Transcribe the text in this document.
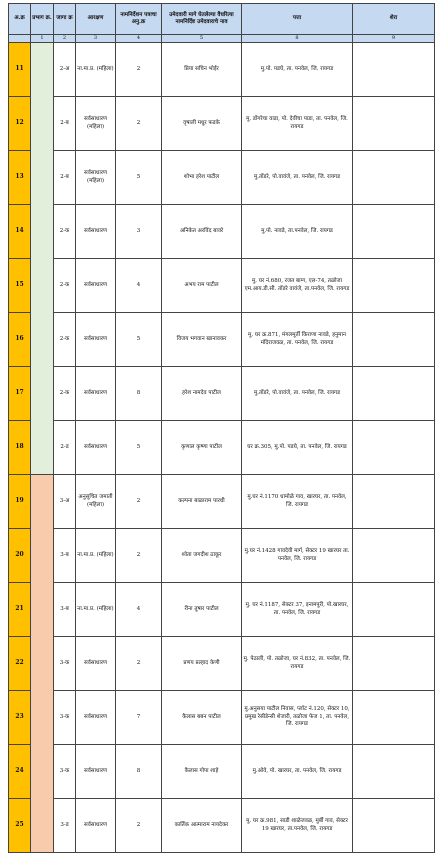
अ.क्र	प्रभाग क्र.	जागा क्र	आरक्षण	नामनिर्देशन पत्राचा अनु.क्र	उमेदवारी मागे घेतलेल्या वैधरित्या नामनिर्दिष्ट उमेदवाराचे नाव	पत्ता	शेरा
	1	2	3	4	5	8	9
11		2-अ	ना.मा.प्र. (महिला)	2	प्रिया सचिन भोईर	मु.पो. पडघे, ता. पनवेल, जि. रायगड	
12		2-ब	सर्वसाधारण (महिला)	2	वृषाली मधुर फडके	मु. डोंगरेचा वाडा, पो. देवीचा पाडा, ता. पनवेल, जि. रायगड	
13		2-ब	सर्वसाधारण (महिला)	5	शोभा हरेश पाटील	मु.तोंडरे, पो.वावंजे, ता. पनवेल, जि. रायगड	
14		2-क	सर्वसाधारण	3	अनिकेत अरविंद बावरे	मु.पो. नावडे, ता.पनवेल, जि. रायगड	
15		2-क	सर्वसाधारण	4	अभय राम पाटील	मु. घर नं.680, रजत बाग्ग, एल-74, तळोजा एम.आय.डी.सी. तोंडरे वावंजे, ता.पनवेल, जि. रायगड	
16		2-क	सर्वसाधारण	5	विजय भगवान खानावकर	मु. घर क्र.871, मंगलमूर्ती किराणा नावडे, हनुमान मंदिराजवळ, ता. पनवेल, जि. रायगड	
17		2-क	सर्वसाधारण	8	हरेश नामदेव पाटील	मु.तोंडरे, पो.वावंजे, ता. पनवेल, जि. रायगड	
18		2-ड	सर्वसाधारण	5	कृणाल कृष्णा पाटील	घर क्र.305, मु.पो. पडघे, ता. पनवेल, जि. रायगड	
19		3-अ	अनुसूचित जमाती (महिला)	2	कल्पना बाळाराम पारधी	मु.घर नं.1170 धामोळे गाव, खारघर, ता. पनवेल, जि. रायगड	
20		3-ब	ना.मा.प्र. (महिला)	2	श्वेता जगदीश ठाकूर	मु.घर नं.1428 गावदेवी मार्ग, सेक्टर 19 खारघर ता. पनवेल, जि. रायगड	
21		3-ब	ना.मा.प्र. (महिला)	4	रीना तुषार पाटील	मु. घर नं.1187, सेक्टर 37, इनामपुरी, पो.खारघर, ता. पनवेल, जि. रायगड	
22		3-क	सर्वसाधारण	2	प्रणय प्रल्हाद केणी	मु. पेठाली, पो. तळोजा, घर नं.832, ता. पनवेल, जि. रायगड	
23		3-क	सर्वसाधारण	7	कैलास बबन पाटील	मु.अनुसया पाटील निवास, प्लॉट नं.120, सेक्टर 10, प्रमुख रेसीडेन्सी शेजारी, तळोजा फेज 1, ता. पनवेल, जि. रायगड	
24		3-क	सर्वसाधारण	8	कैलास गोपा शाहे	मु.ओवे, पो. खारघर, ता. पनवेल, जि. रायगड	
25		3-ड	सर्वसाधारण	2	कार्तिक आत्माराम नायदेकर	मु. घर क्र.981, साडी शाळेजवळ, मुर्बी गाव, सेक्टर 19 खारघर, ता.पनवेल, जि. रायगड	
